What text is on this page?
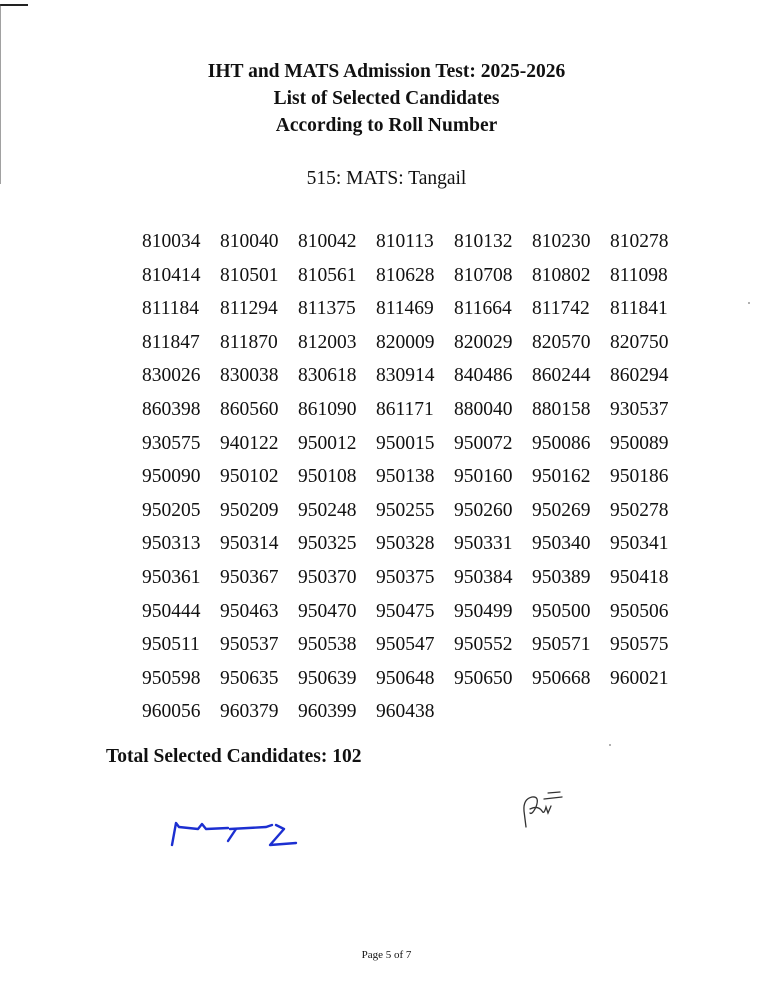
IHT and MATS Admission Test: 2025-2026
List of Selected Candidates
According to Roll Number
515: MATS: Tangail
810034	810040	810042	810113	810132	810230	810278
810414	810501	810561	810628	810708	810802	811098
811184	811294	811375	811469	811664	811742	811841
811847	811870	812003	820009	820029	820570	820750
830026	830038	830618	830914	840486	860244	860294
860398	860560	861090	861171	880040	880158	930537
930575	940122	950012	950015	950072	950086	950089
950090	950102	950108	950138	950160	950162	950186
950205	950209	950248	950255	950260	950269	950278
950313	950314	950325	950328	950331	950340	950341
950361	950367	950370	950375	950384	950389	950418
950444	950463	950470	950475	950499	950500	950506
950511	950537	950538	950547	950552	950571	950575
950598	950635	950639	950648	950650	950668	960021
960056	960379	960399	960438
Total Selected Candidates: 102
Page 5 of 7
